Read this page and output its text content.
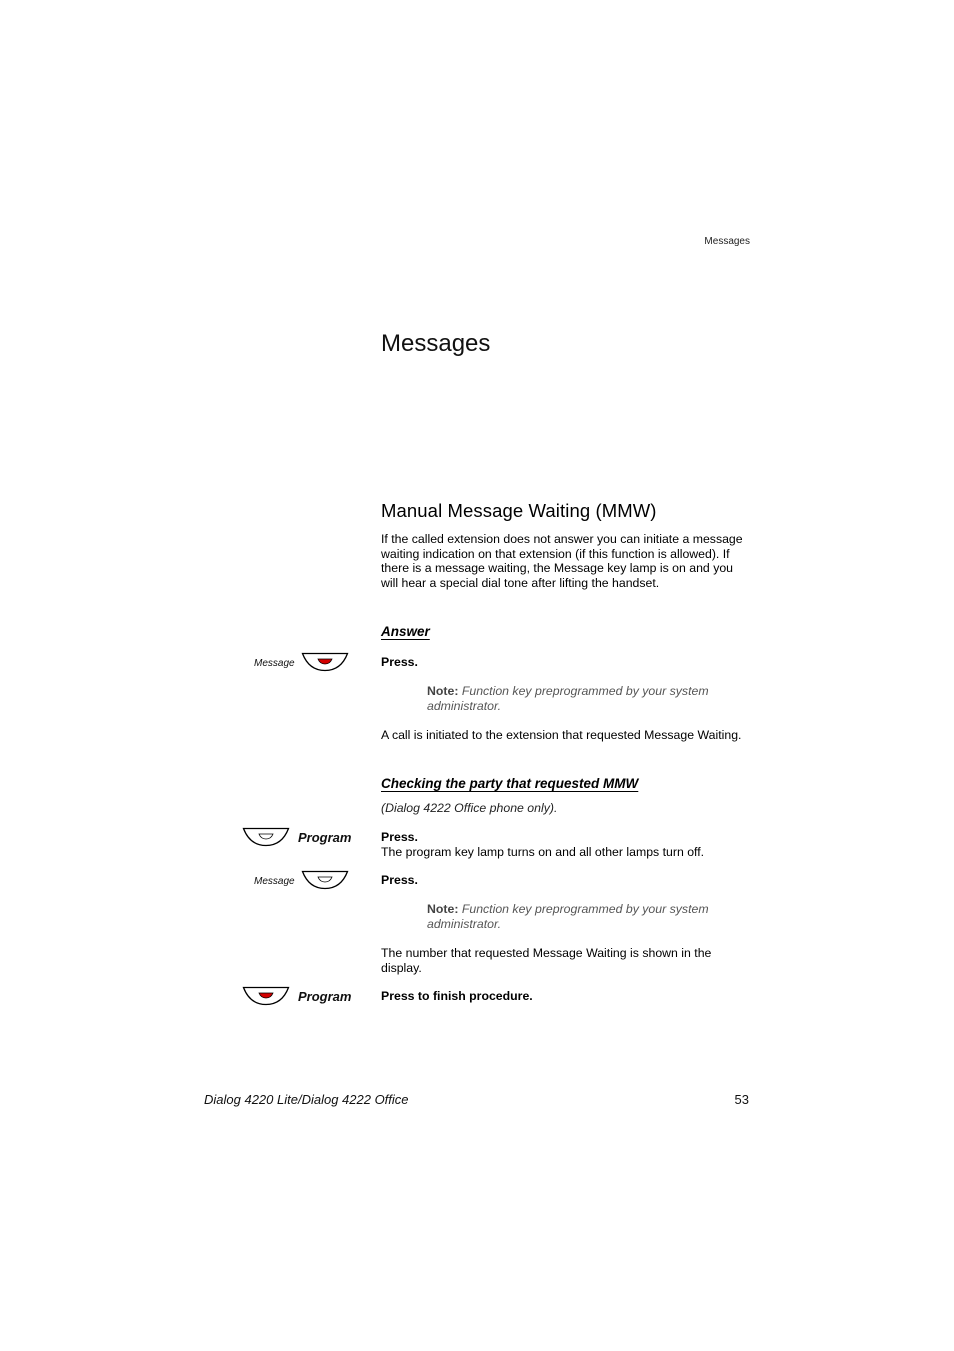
Messages
Messages
Manual Message Waiting (MMW)

If the called extension does not answer you can initiate a message waiting indication on that extension (if this function is allowed). If there is a message waiting, the Message key lamp is on and you will hear a special dial tone after lifting the handset.

Answer
Message	Press.

Note: Function key preprogrammed by your system administrator.

A call is initiated to the extension that requested Message Waiting.

Checking the party that requested MMW
(Dialog 4222 Office phone only).
Program Press.
The program key lamp turns on and all other lamps turn off.
Message	Press.

Note: Function key preprogrammed by your system administrator.

The number that requested Message Waiting is shown in the display.

Program Press to finish procedure.
Dialog 4220 Lite/Dialog 4222 Office	53
